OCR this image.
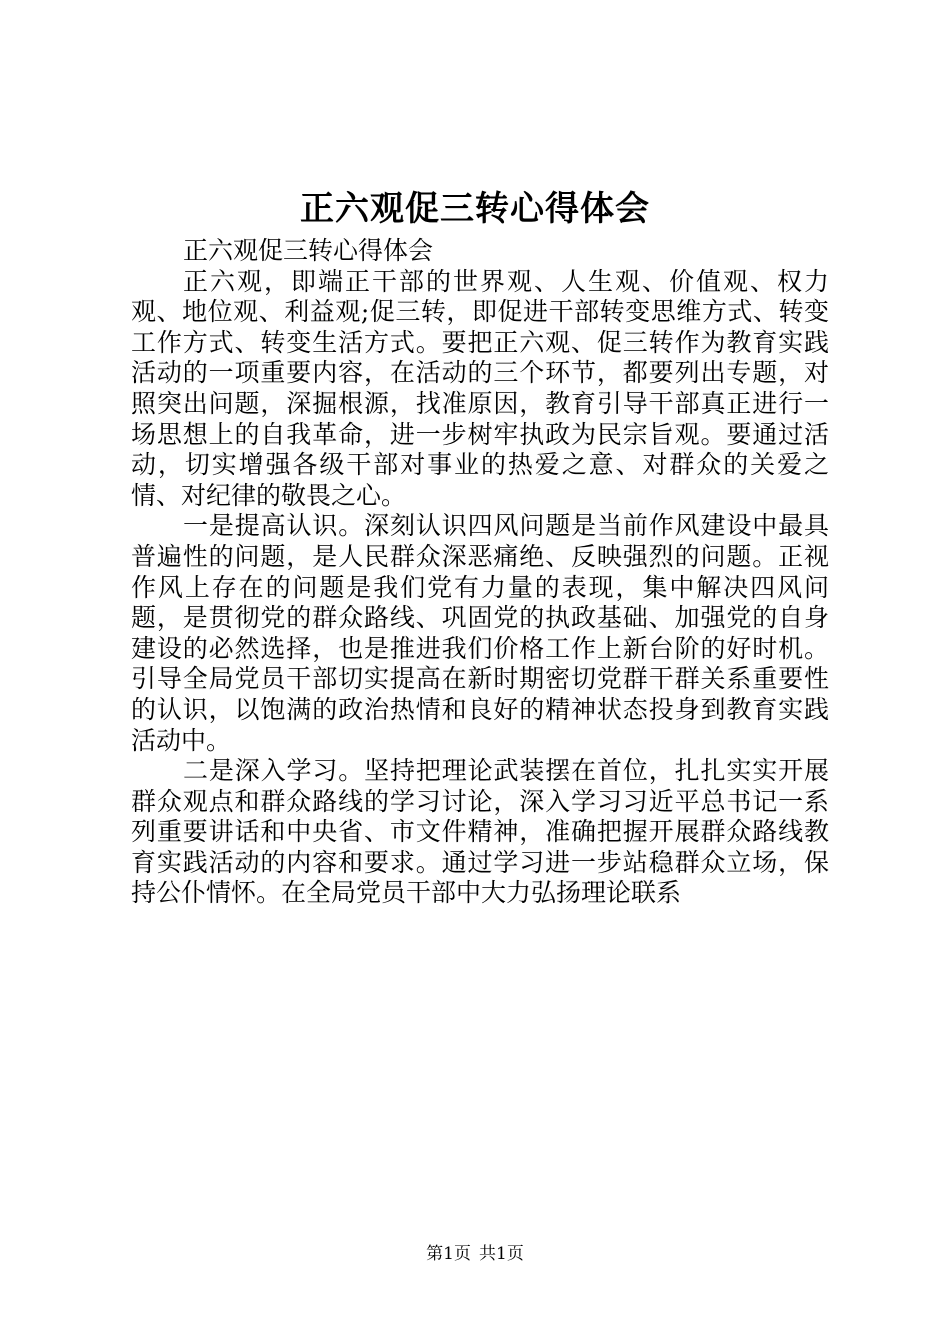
正六观促三转心得体会

正六观促三转心得体会

正六观，即端正干部的世界观、人生观、价值观、权力观、地位观、利益观;促三转，即促进干部转变思维方式、转变工作方式、转变生活方式。要把正六观、促三转作为教育实践活动的一项重要内容，在活动的三个环节，都要列出专题，对照突出问题，深掘根源，找准原因，教育引导干部真正进行一场思想上的自我革命，进一步树牢执政为民宗旨观。要通过活动，切实增强各级干部对事业的热爱之意、对群众的关爱之情、对纪律的敬畏之心。

一是提高认识。深刻认识四风问题是当前作风建设中最具普遍性的问题，是人民群众深恶痛绝、反映强烈的问题。正视作风上存在的问题是我们党有力量的表现，集中解决四风问题，是贯彻党的群众路线、巩固党的执政基础、加强党的自身建设的必然选择，也是推进我们价格工作上新台阶的好时机。引导全局党员干部切实提高在新时期密切党群干群关系重要性的认识，以饱满的政治热情和良好的精神状态投身到教育实践活动中。

二是深入学习。坚持把理论武装摆在首位，扎扎实实开展群众观点和群众路线的学习讨论，深入学习习近平总书记一系列重要讲话和中央省、市文件精神，准确把握开展群众路线教育实践活动的内容和要求。通过学习进一步站稳群众立场，保持公仆情怀。在全局党员干部中大力弘扬理论联系

第1页 共1页
